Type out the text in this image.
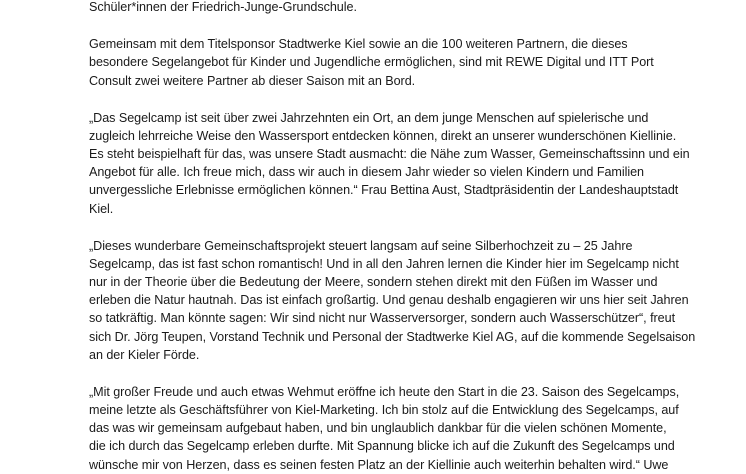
Schüler*innen der Friedrich-Junge-Grundschule.
Gemeinsam mit dem Titelsponsor Stadtwerke Kiel sowie an die 100 weiteren Partnern, die dieses
besondere Segelangebot für Kinder und Jugendliche ermöglichen, sind mit REWE Digital und ITT Port
Consult zwei weitere Partner ab dieser Saison mit an Bord.
„Das Segelcamp ist seit über zwei Jahrzehnten ein Ort, an dem junge Menschen auf spielerische und
zugleich lehrreiche Weise den Wassersport entdecken können, direkt an unserer wunderschönen Kiellinie.
Es steht beispielhaft für das, was unsere Stadt ausmacht: die Nähe zum Wasser, Gemeinschaftssinn und ein
Angebot für alle. Ich freue mich, dass wir auch in diesem Jahr wieder so vielen Kindern und Familien
unvergessliche Erlebnisse ermöglichen können.“ Frau Bettina Aust, Stadtpräsidentin der Landeshauptstadt
Kiel.
„Dieses wunderbare Gemeinschaftsprojekt steuert langsam auf seine Silberhochzeit zu – 25 Jahre
Segelcamp, das ist fast schon romantisch! Und in all den Jahren lernen die Kinder hier im Segelcamp nicht
nur in der Theorie über die Bedeutung der Meere, sondern stehen direkt mit den Füßen im Wasser und
erleben die Natur hautnah. Das ist einfach großartig. Und genau deshalb engagieren wir uns hier seit Jahren
so tatkräftig. Man könnte sagen: Wir sind nicht nur Wasserversorger, sondern auch Wasserschützer“, freut
sich Dr. Jörg Teupen, Vorstand Technik und Personal der Stadtwerke Kiel AG, auf die kommende Segelsaison
an der Kieler Förde.
„Mit großer Freude und auch etwas Wehmut eröffne ich heute den Start in die 23. Saison des Segelcamps,
meine letzte als Geschäftsführer von Kiel-Marketing. Ich bin stolz auf die Entwicklung des Segelcamps, auf
das was wir gemeinsam aufgebaut haben, und bin unglaublich dankbar für die vielen schönen Momente,
die ich durch das Segelcamp erleben durfte. Mit Spannung blicke ich auf die Zukunft des Segelcamps und
wünsche mir von Herzen, dass es seinen festen Platz an der Kiellinie auch weiterhin behalten wird.“ Uwe
